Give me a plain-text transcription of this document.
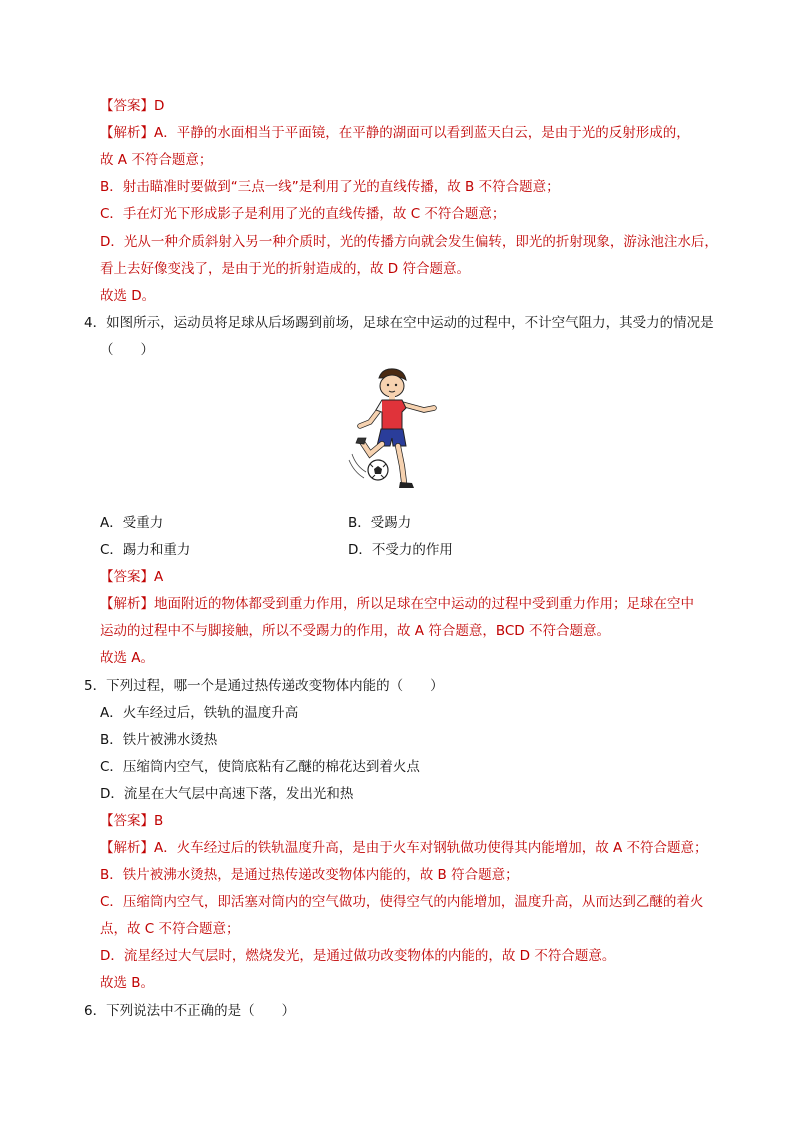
【答案】D
【解析】A．平静的水面相当于平面镜，在平静的湖面可以看到蓝天白云，是由于光的反射形成的，
故 A 不符合题意；
B．射击瞄准时要做到“三点一线”是利用了光的直线传播，故 B 不符合题意；
C．手在灯光下形成影子是利用了光的直线传播，故 C 不符合题意；
D．光从一种介质斜射入另一种介质时，光的传播方向就会发生偏转，即光的折射现象，游泳池注水后，
看上去好像变浅了，是由于光的折射造成的，故 D 符合题意。
故选 D。
4．如图所示，运动员将足球从后场踢到前场，足球在空中运动的过程中，不计空气阻力，其受力的情况是
（　　）
A．受重力	B．受踢力
C．踢力和重力	D．不受力的作用
【答案】A
【解析】地面附近的物体都受到重力作用，所以足球在空中运动的过程中受到重力作用；足球在空中
运动的过程中不与脚接触，所以不受踢力的作用，故 A 符合题意，BCD 不符合题意。
故选 A。
5．下列过程，哪一个是通过热传递改变物体内能的（　　）
A．火车经过后，铁轨的温度升高
B．铁片被沸水烫热
C．压缩筒内空气，使筒底粘有乙醚的棉花达到着火点
D．流星在大气层中高速下落，发出光和热
【答案】B
【解析】A．火车经过后的铁轨温度升高，是由于火车对钢轨做功使得其内能增加，故 A 不符合题意；
B．铁片被沸水烫热，是通过热传递改变物体内能的，故 B 符合题意；
C．压缩筒内空气，即活塞对筒内的空气做功，使得空气的内能增加，温度升高，从而达到乙醚的着火
点，故 C 不符合题意；
D．流星经过大气层时，燃烧发光，是通过做功改变物体的内能的，故 D 不符合题意。
故选 B。
6．下列说法中不正确的是（　　）
